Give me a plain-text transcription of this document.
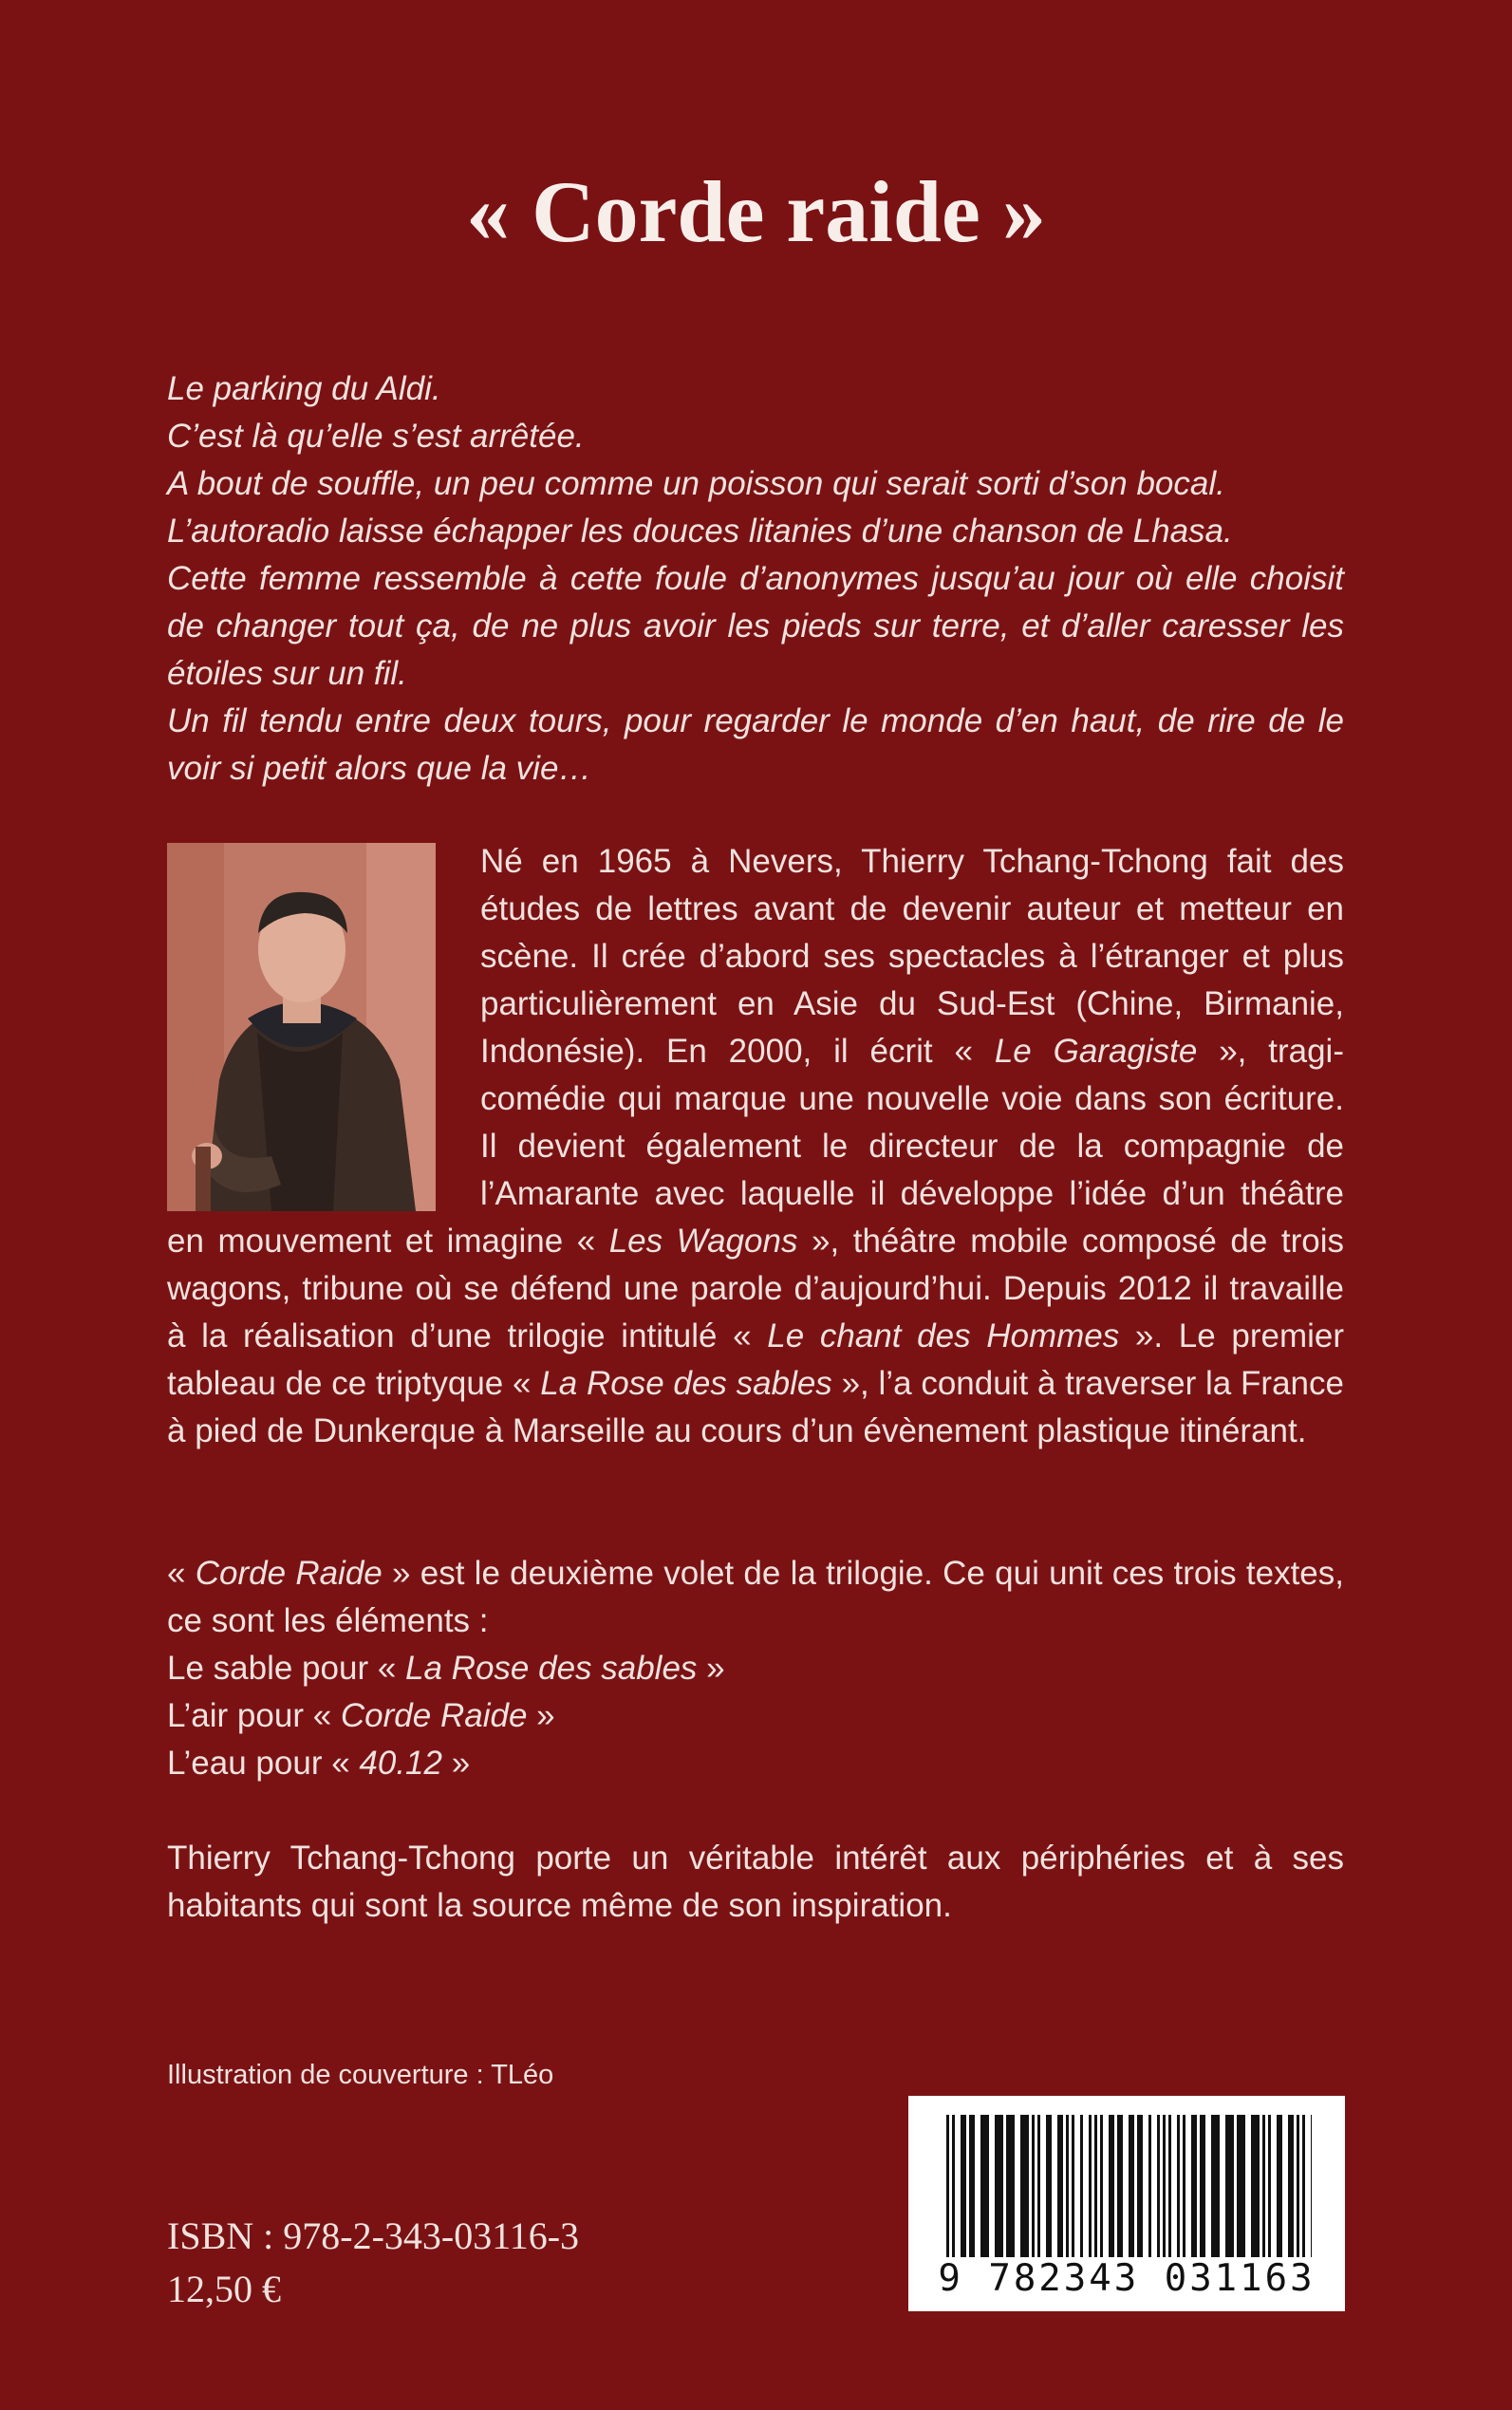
« Corde raide »

Le parking du Aldi.

C’est là qu’elle s’est arrêtée.

A bout de souffle, un peu comme un poisson qui serait sorti d’son bocal.

L’autoradio laisse échapper les douces litanies d’une chanson de Lhasa.

Cette femme ressemble à cette foule d’anonymes jusqu’au jour où elle choisit de changer tout ça, de ne plus avoir les pieds sur terre, et d’aller caresser les étoiles sur un fil.

Un fil tendu entre deux tours, pour regarder le monde d’en haut, de rire de le voir si petit alors que la vie…

Né en 1965 à Nevers, Thierry Tchang-Tchong fait des études de lettres avant de devenir auteur et metteur en scène. Il crée d’abord ses spectacles à l’étranger et plus particulièrement en Asie du Sud-Est (Chine, Birmanie, Indonésie). En 2000, il écrit « Le Garagiste », tragi-comédie qui marque une nouvelle voie dans son écriture. Il devient également le directeur de la compagnie de l’Amarante avec laquelle il développe l’idée d’un théâtre en mouvement et imagine « Les Wagons », théâtre mobile composé de trois wagons, tribune où se défend une parole d’aujourd’hui. Depuis 2012 il travaille à la réalisation d’une trilogie intitulé « Le chant des Hommes ». Le premier tableau de ce triptyque « La Rose des sables », l’a conduit à traverser la France à pied de Dunkerque à Marseille au cours d’un évènement plastique itinérant.

« Corde Raide » est le deuxième volet de la trilogie. Ce qui unit ces trois textes, ce sont les éléments :

Le sable pour « La Rose des sables »

L’air pour « Corde Raide »

L’eau pour « 40.12 »

Thierry Tchang-Tchong porte un véritable intérêt aux périphéries et à ses habitants qui sont la source même de son inspiration.

Illustration de couverture : TLéo
ISBN : 978-2-343-03116-3
12,50 €	9 782343 031163
